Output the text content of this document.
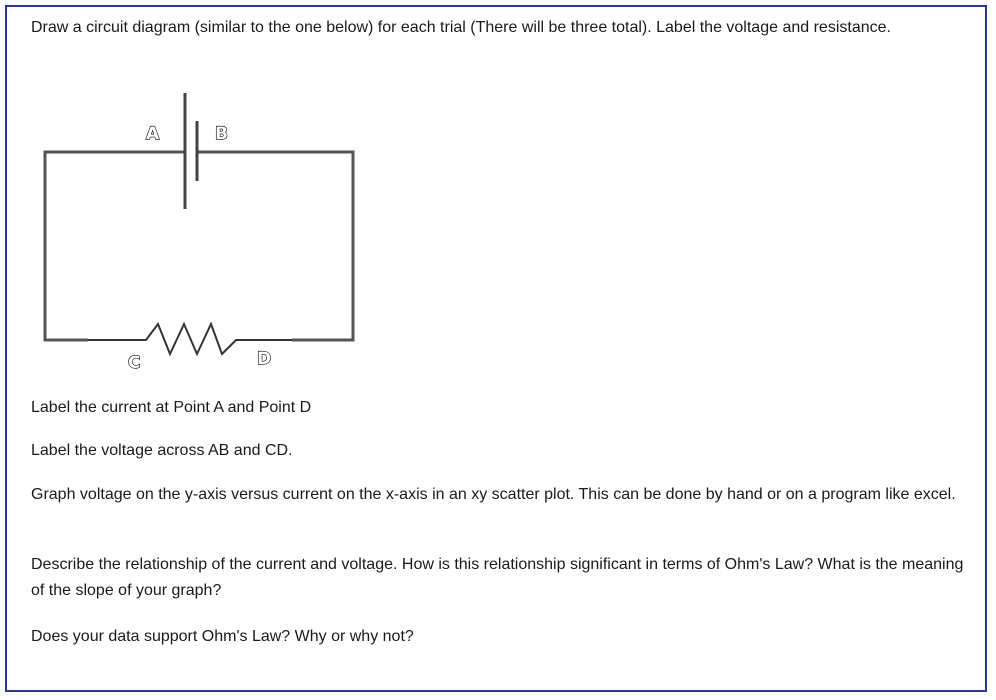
Draw a circuit diagram (similar to the one below) for each trial (There will be three total). Label the voltage and resistance.

A	B
C	D

Label the current at Point A and Point D

Label the voltage across AB and CD.

Graph voltage on the y-axis versus current on the x-axis in an xy scatter plot. This can be done by hand or on a program like excel.

Describe the relationship of the current and voltage. How is this relationship significant in terms of Ohm's Law? What is the meaning of the slope of your graph?

Does your data support Ohm's Law? Why or why not?
